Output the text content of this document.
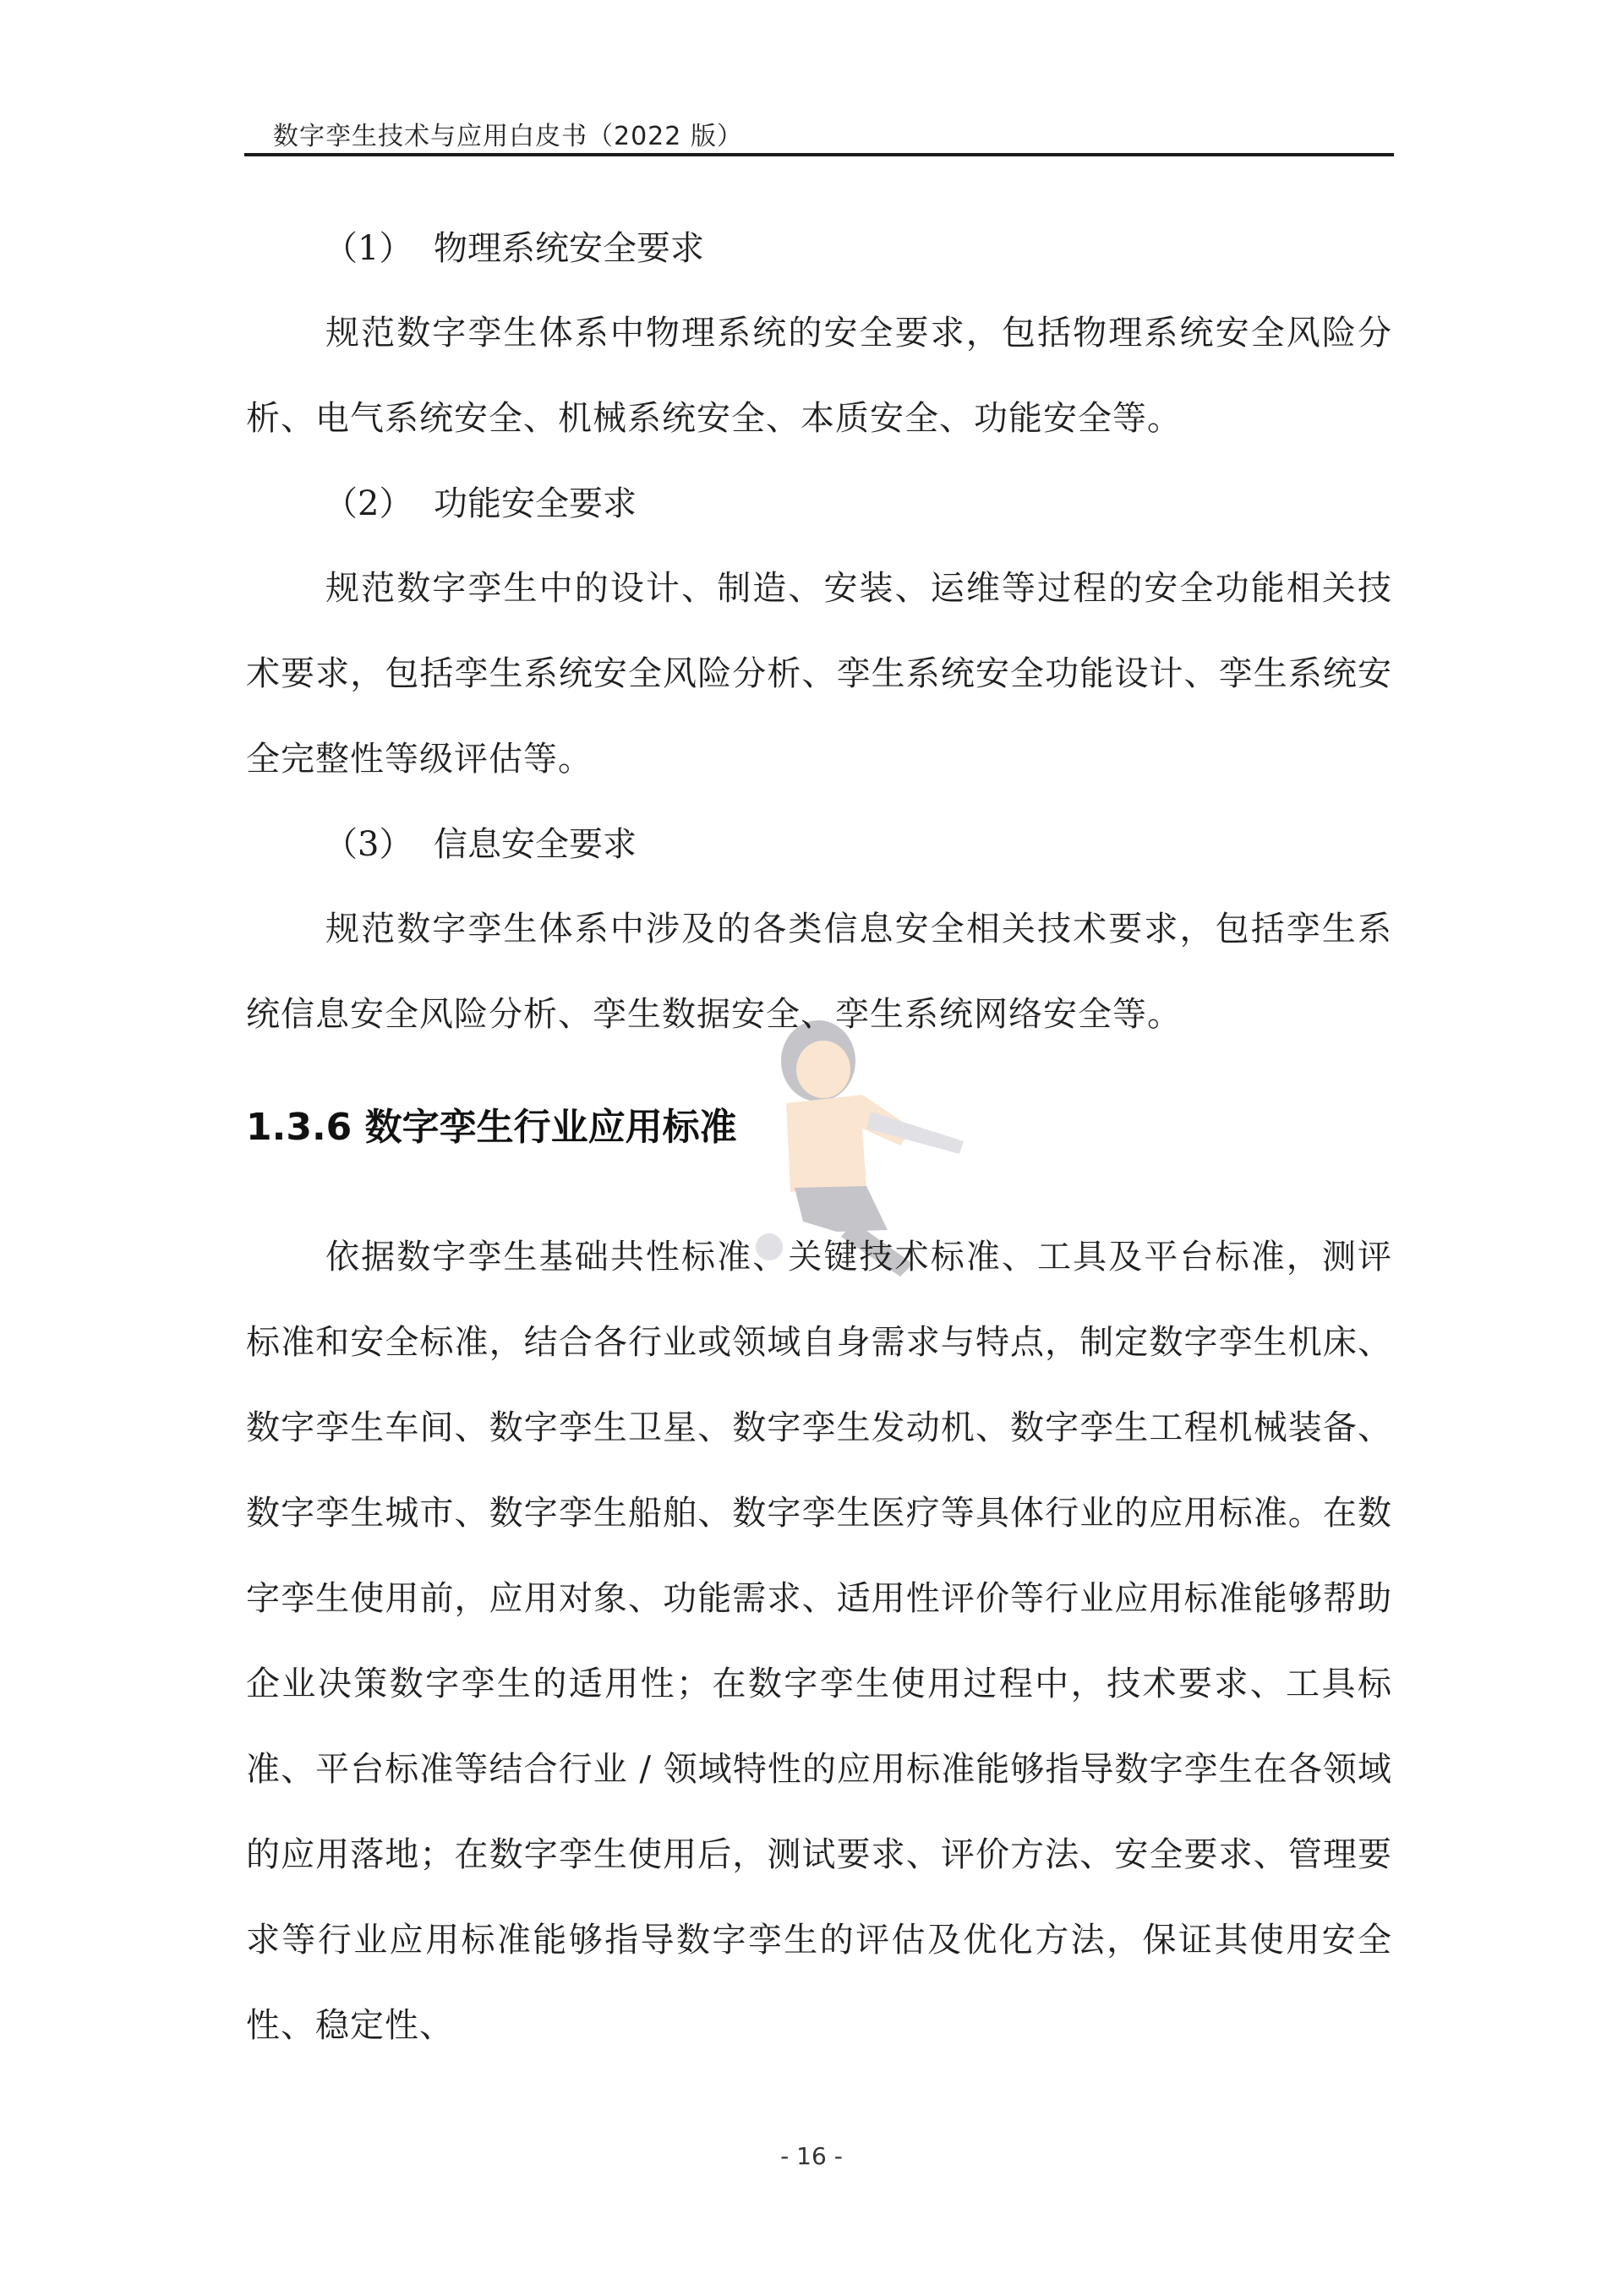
数字孪生技术与应用白皮书（2022 版）

（1） 物理系统安全要求

规范数字孪生体系中物理系统的安全要求，包括物理系统安全风险分析、电气系统安全、机械系统安全、本质安全、功能安全等。

（2） 功能安全要求

规范数字孪生中的设计、制造、安装、运维等过程的安全功能相关技术要求，包括孪生系统安全风险分析、孪生系统安全功能设计、孪生系统安全完整性等级评估等。

（3） 信息安全要求

规范数字孪生体系中涉及的各类信息安全相关技术要求，包括孪生系统信息安全风险分析、孪生数据安全、孪生系统网络安全等。

1.3.6 数字孪生行业应用标准

依据数字孪生基础共性标准、关键技术标准、工具及平台标准，测评标准和安全标准，结合各行业或领域自身需求与特点，制定数字孪生机床、数字孪生车间、数字孪生卫星、数字孪生发动机、数字孪生工程机械装备、数字孪生城市、数字孪生船舶、数字孪生医疗等具体行业的应用标准。在数字孪生使用前，应用对象、功能需求、适用性评价等行业应用标准能够帮助企业决策数字孪生的适用性；在数字孪生使用过程中，技术要求、工具标准、平台标准等结合行业 / 领域特性的应用标准能够指导数字孪生在各领域的应用落地；在数字孪生使用后，测试要求、评价方法、安全要求、管理要求等行业应用标准能够指导数字孪生的评估及优化方法，保证其使用安全性、稳定性、

- 16 -
